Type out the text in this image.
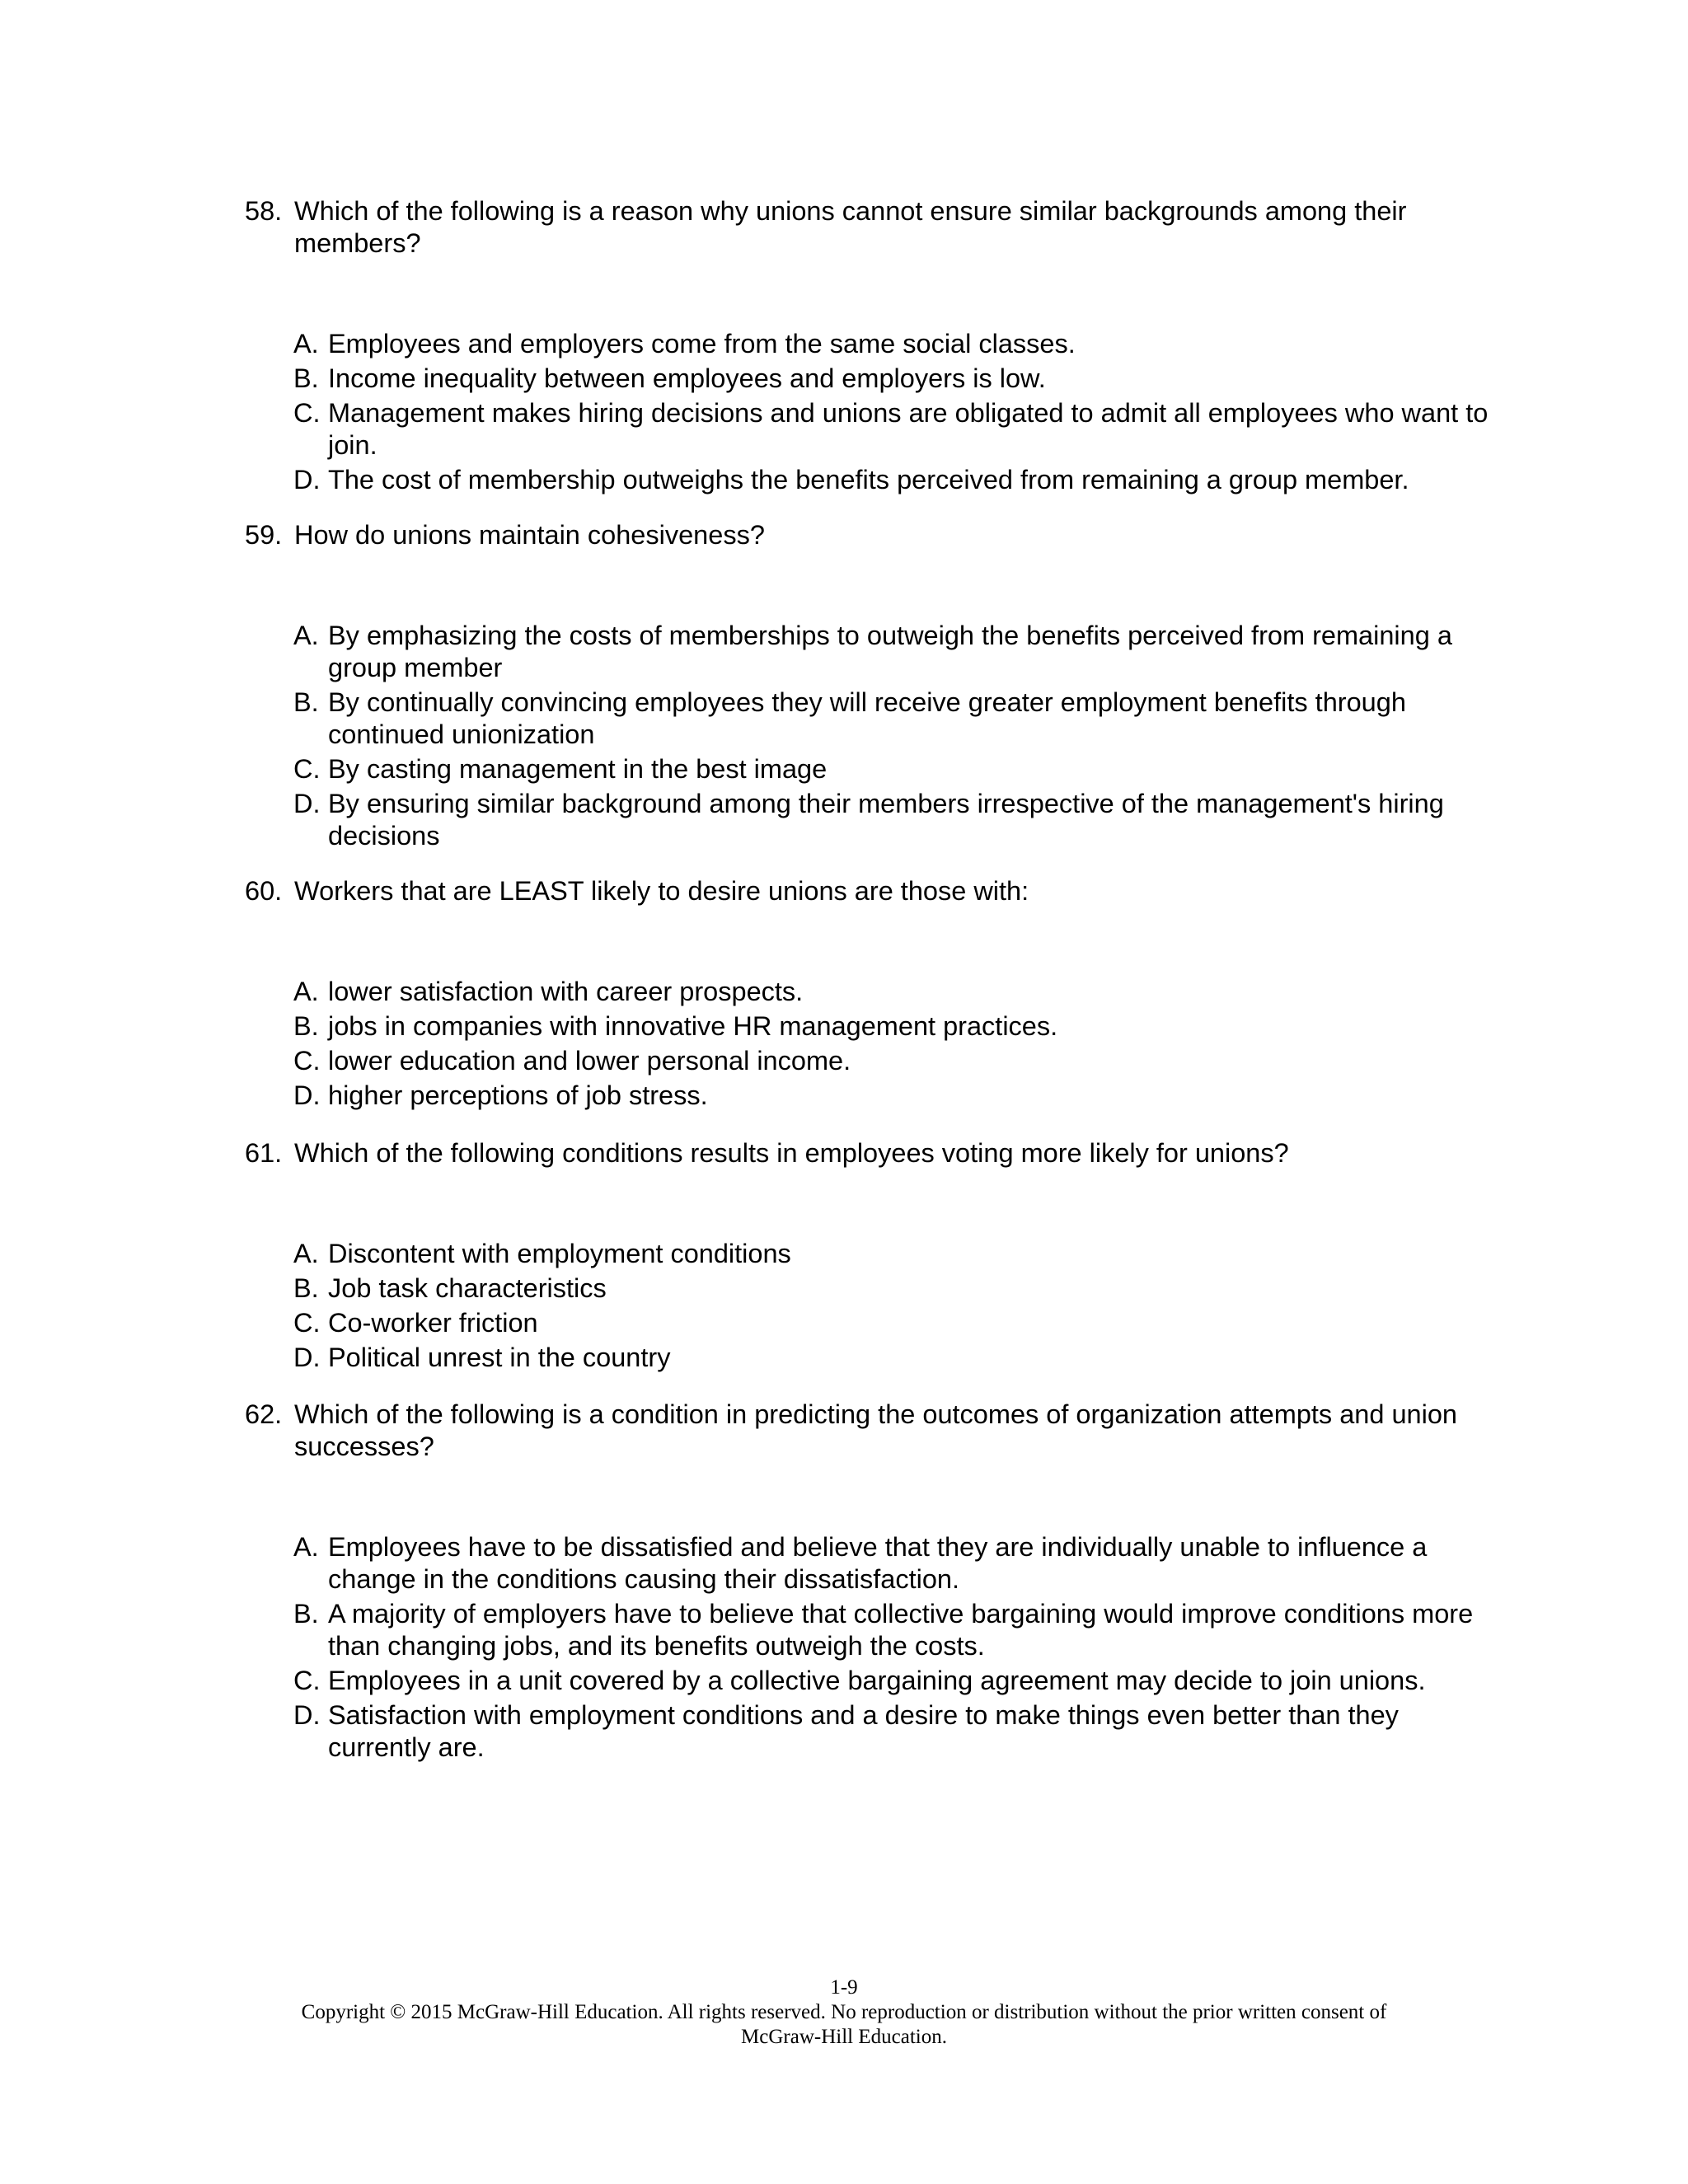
58. Which of the following is a reason why unions cannot ensure similar backgrounds among their members?
A. Employees and employers come from the same social classes.
B. Income inequality between employees and employers is low.
C. Management makes hiring decisions and unions are obligated to admit all employees who want to join.
D. The cost of membership outweighs the benefits perceived from remaining a group member.
59. How do unions maintain cohesiveness?
A. By emphasizing the costs of memberships to outweigh the benefits perceived from remaining a group member
B. By continually convincing employees they will receive greater employment benefits through continued unionization
C. By casting management in the best image
D. By ensuring similar background among their members irrespective of the management's hiring decisions
60. Workers that are LEAST likely to desire unions are those with:
A. lower satisfaction with career prospects.
B. jobs in companies with innovative HR management practices.
C. lower education and lower personal income.
D. higher perceptions of job stress.
61. Which of the following conditions results in employees voting more likely for unions?
A. Discontent with employment conditions
B. Job task characteristics
C. Co-worker friction
D. Political unrest in the country
62. Which of the following is a condition in predicting the outcomes of organization attempts and union successes?
A. Employees have to be dissatisfied and believe that they are individually unable to influence a change in the conditions causing their dissatisfaction.
B. A majority of employers have to believe that collective bargaining would improve conditions more than changing jobs, and its benefits outweigh the costs.
C. Employees in a unit covered by a collective bargaining agreement may decide to join unions.
D. Satisfaction with employment conditions and a desire to make things even better than they currently are.
1-9
Copyright © 2015 McGraw-Hill Education. All rights reserved. No reproduction or distribution without the prior written consent of
McGraw-Hill Education.
